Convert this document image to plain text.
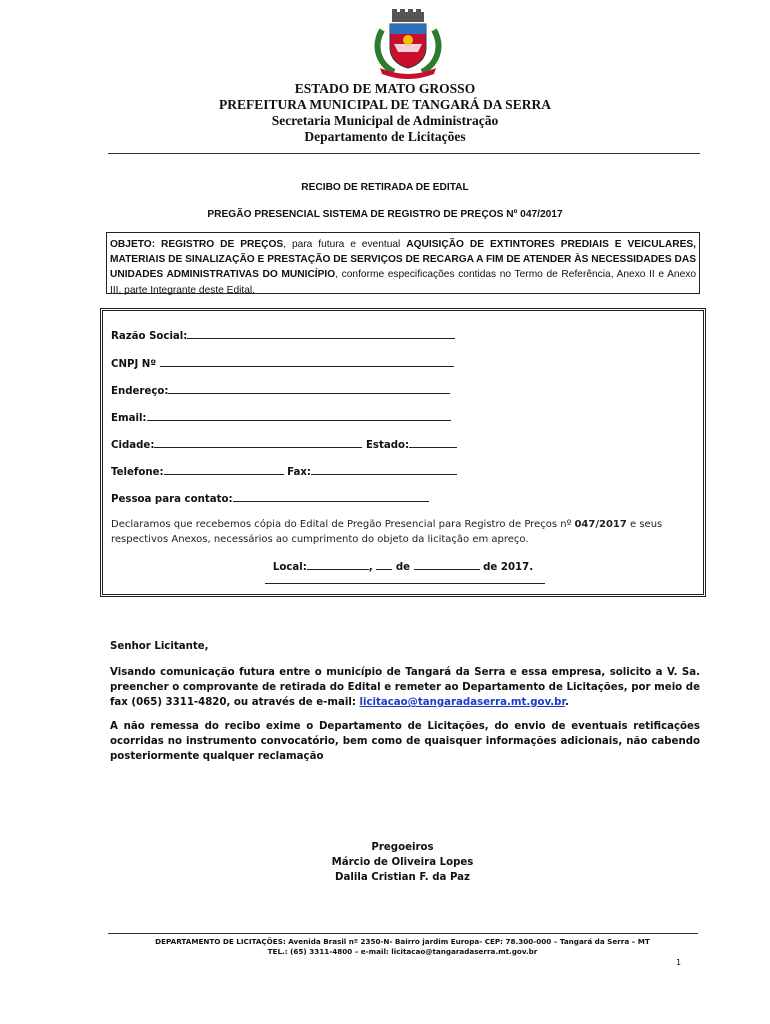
ESTADO DE MATO GROSSO
PREFEITURA MUNICIPAL DE TANGARÁ DA SERRA
Secretaria Municipal de Administração
Departamento de Licitações
RECIBO DE RETIRADA DE EDITAL
PREGÃO PRESENCIAL SISTEMA DE REGISTRO DE PREÇOS Nº 047/2017
OBJETO: REGISTRO DE PREÇOS, para futura e eventual AQUISIÇÃO DE EXTINTORES PREDIAIS E VEICULARES, MATERIAIS DE SINALIZAÇÃO E PRESTAÇÃO DE SERVIÇOS DE RECARGA A FIM DE ATENDER ÀS NECESSIDADES DAS UNIDADES ADMINISTRATIVAS DO MUNICÍPIO, conforme especificações contidas no Termo de Referência, Anexo II e Anexo III, parte Integrante deste Edital.
Razão Social:
CNPJ Nº
Endereço:
Email:
Cidade:	Estado:
Telefone:	Fax:
Pessoa para contato:
Declaramos que recebemos cópia do Edital de Pregão Presencial para Registro de Preços nº 047/2017 e seus respectivos Anexos, necessários ao cumprimento do objeto da licitação em apreço.
Local:	,  de	de 2017.
Senhor Licitante,
Visando comunicação futura entre o município de Tangará da Serra e essa empresa, solicito a V. Sa. preencher o comprovante de retirada do Edital e remeter ao Departamento de Licitações, por meio de fax (065) 3311-4820, ou através de e-mail: licitacao@tangaradaserra.mt.gov.br.
A não remessa do recibo exime o Departamento de Licitações, do envio de eventuais retificações ocorridas no instrumento convocatório, bem como de quaisquer informações adicionais, não cabendo posteriormente qualquer reclamação
Pregoeiros
Márcio de Oliveira Lopes
Dalila Cristian F. da Paz
DEPARTAMENTO DE LICITAÇÕES: Avenida Brasil nº 2350-N- Bairro jardim Europa- CEP: 78.300-000 – Tangará da Serra – MT
TEL.: (65) 3311-4800 – e-mail: licitacao@tangaradaserra.mt.gov.br
1
